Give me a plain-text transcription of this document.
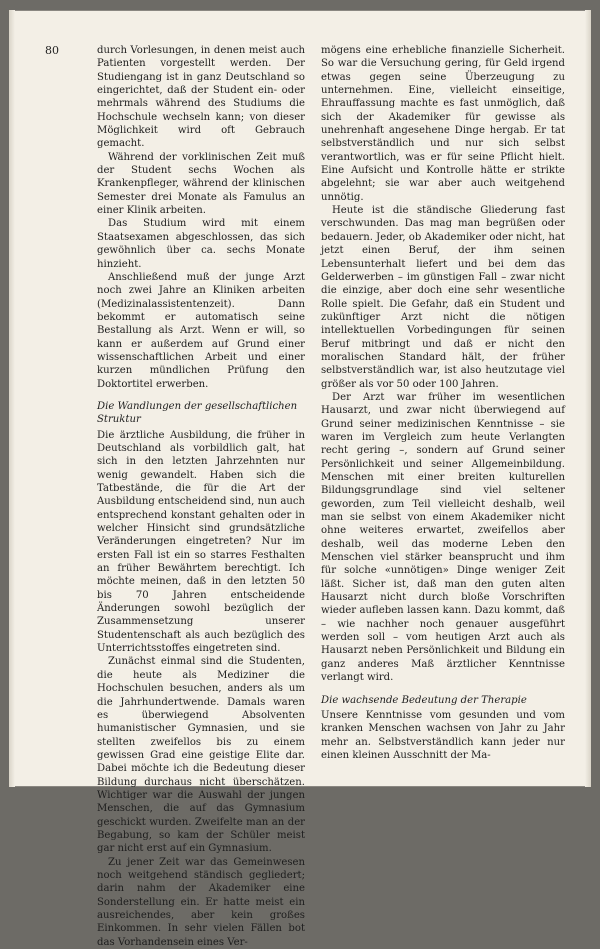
80	durch Vorlesungen, in denen meist auch Patienten vorgestellt werden. Der Studiengang ist in ganz Deutschland so eingerichtet, daß der Student ein- oder mehrmals während des Studiums die Hochschule wechseln kann; von dieser Möglichkeit wird oft Gebrauch gemacht.

Während der vorklinischen Zeit muß der Student sechs Wochen als Krankenpfleger, während der klinischen Semester drei Monate als Famulus an einer Klinik arbeiten.

Das Studium wird mit einem Staatsexamen abgeschlossen, das sich gewöhnlich über ca. sechs Monate hinzieht.

Anschließend muß der junge Arzt noch zwei Jahre an Kliniken arbeiten (Medizinalassistentenzeit). Dann bekommt er automatisch seine Bestallung als Arzt. Wenn er will, so kann er außerdem auf Grund einer wissenschaftlichen Arbeit und einer kurzen mündlichen Prüfung den Doktortitel erwerben.

Die Wandlungen der gesellschaftlichen Struktur

Die ärztliche Ausbildung, die früher in Deutschland als vorbildlich galt, hat sich in den letzten Jahrzehnten nur wenig gewandelt. Haben sich die Tatbestände, die für die Art der Ausbildung entscheidend sind, nun auch entsprechend konstant gehalten oder in welcher Hinsicht sind grundsätzliche Veränderungen eingetreten? Nur im ersten Fall ist ein so starres Festhalten an früher Bewährtem berechtigt. Ich möchte meinen, daß in den letzten 50 bis 70 Jahren entscheidende Änderungen sowohl bezüglich der Zusammensetzung unserer Studentenschaft als auch bezüglich des Unterrichtsstoffes eingetreten sind.

Zunächst einmal sind die Studenten, die heute als Mediziner die Hochschulen besuchen, anders als um die Jahrhundertwende. Damals waren es überwiegend Absolventen humanistischer Gymnasien, und sie stellten zweifellos bis zu einem gewissen Grad eine geistige Elite dar. Dabei möchte ich die Bedeutung dieser Bildung durchaus nicht überschätzen. Wichtiger war die Auswahl der jungen Menschen, die auf das Gymnasium geschickt wurden. Zweifelte man an der Begabung, so kam der Schüler meist gar nicht erst auf ein Gymnasium.

Zu jener Zeit war das Gemeinwesen noch weitgehend ständisch gegliedert; darin nahm der Akademiker eine Sonderstellung ein. Er hatte meist ein ausreichendes, aber kein großes Einkommen. In sehr vielen Fällen bot das Vorhandensein eines Ver-

mögens eine erhebliche finanzielle Sicherheit. So war die Versuchung gering, für Geld irgend etwas gegen seine Überzeugung zu unternehmen. Eine, vielleicht einseitige, Ehrauffassung machte es fast unmöglich, daß sich der Akademiker für gewisse als unehrenhaft angesehene Dinge hergab. Er tat selbstverständlich und nur sich selbst verantwortlich, was er für seine Pflicht hielt. Eine Aufsicht und Kontrolle hätte er strikte abgelehnt; sie war aber auch weitgehend unnötig.

Heute ist die ständische Gliederung fast verschwunden. Das mag man begrüßen oder bedauern. Jeder, ob Akademiker oder nicht, hat jetzt einen Beruf, der ihm seinen Lebensunterhalt liefert und bei dem das Gelderwerben – im günstigen Fall – zwar nicht die einzige, aber doch eine sehr wesentliche Rolle spielt. Die Gefahr, daß ein Student und zukünftiger Arzt nicht die nötigen intellektuellen Vorbedingungen für seinen Beruf mitbringt und daß er nicht den moralischen Standard hält, der früher selbstverständlich war, ist also heutzutage viel größer als vor 50 oder 100 Jahren.

Der Arzt war früher im wesentlichen Hausarzt, und zwar nicht überwiegend auf Grund seiner medizinischen Kenntnisse – sie waren im Vergleich zum heute Verlangten recht gering –, sondern auf Grund seiner Persönlichkeit und seiner Allgemeinbildung. Menschen mit einer breiten kulturellen Bildungsgrundlage sind viel seltener geworden, zum Teil vielleicht deshalb, weil man sie selbst von einem Akademiker nicht ohne weiteres erwartet, zweifellos aber deshalb, weil das moderne Leben den Menschen viel stärker beansprucht und ihm für solche «unnötigen» Dinge weniger Zeit läßt. Sicher ist, daß man den guten alten Hausarzt nicht durch bloße Vorschriften wieder aufleben lassen kann. Dazu kommt, daß – wie nachher noch genauer ausgeführt werden soll – vom heutigen Arzt auch als Hausarzt neben Persönlichkeit und Bildung ein ganz anderes Maß ärztlicher Kenntnisse verlangt wird.

Die wachsende Bedeutung der Therapie

Unsere Kenntnisse vom gesunden und vom kranken Menschen wachsen von Jahr zu Jahr mehr an. Selbstverständlich kann jeder nur einen kleinen Ausschnitt der Ma-
